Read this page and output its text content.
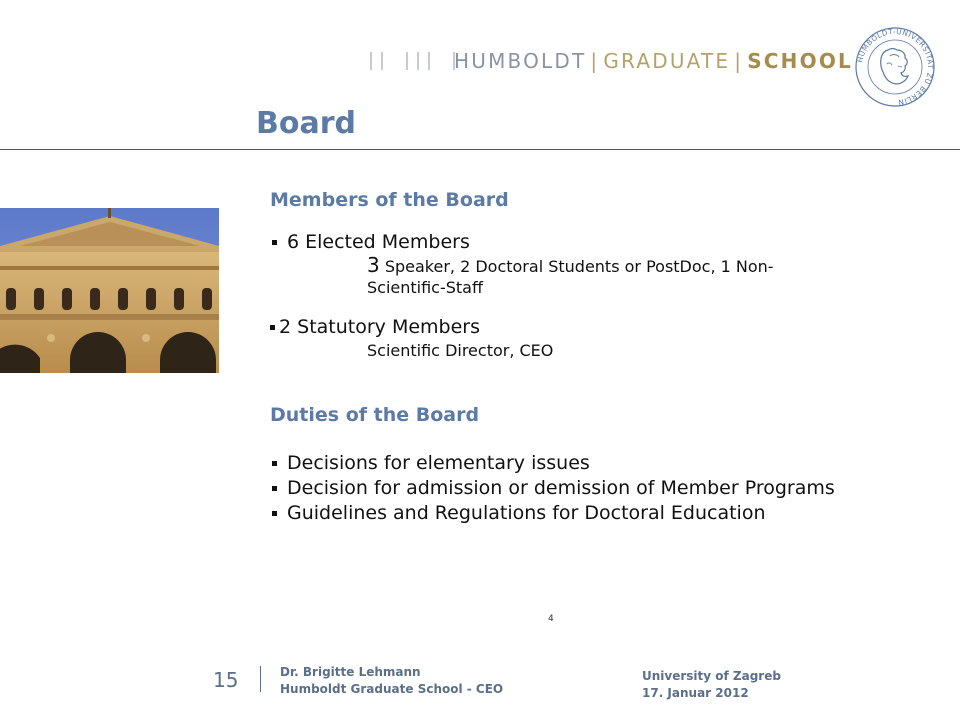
HUMBOLDT | GRADUATE | SCHOOL HUMBOLDT-UNIVERSITÄT ZU BERLIN
Board
Members of the Board
6 Elected Members
3 Speaker, 2 Doctoral Students or PostDoc, 1 Non-
Scientific-Staff
2 Statutory Members
Scientific Director, CEO
Duties of the Board
Decisions for elementary issues
Decision for admission or demission of Member Programs
Guidelines and Regulations for Doctoral Education
4
15	Dr. Brigitte Lehmann
Humboldt Graduate School - CEO
University of Zagreb
17. Januar 2012
